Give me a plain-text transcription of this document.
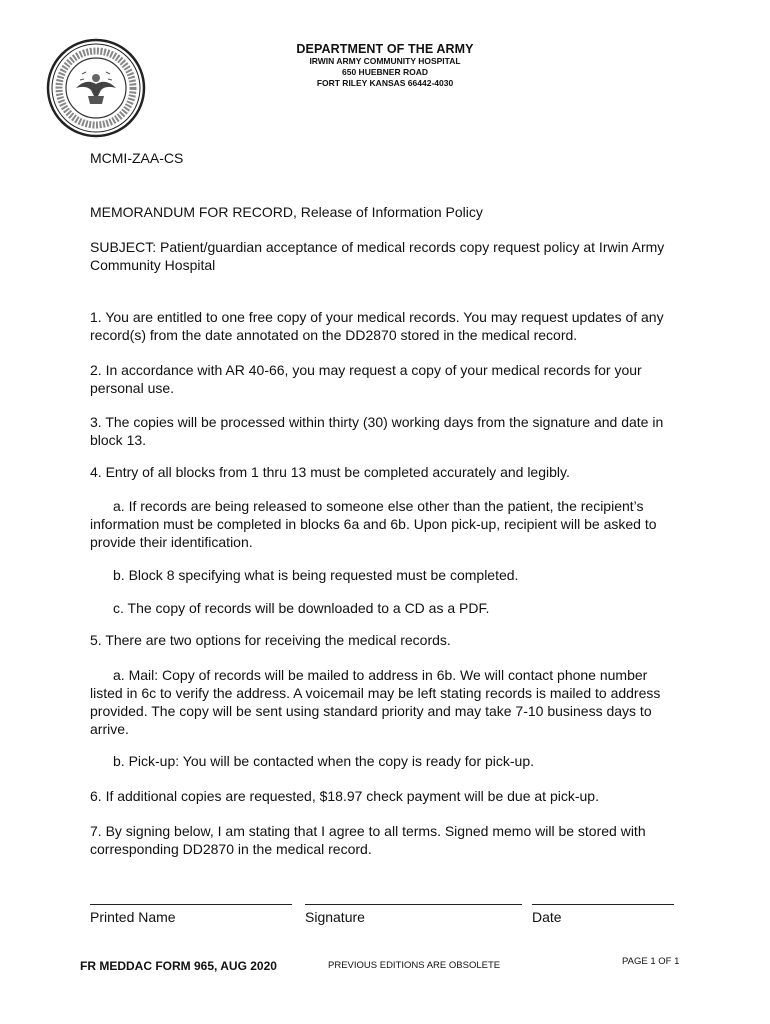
DEPARTMENT OF THE ARMY
IRWIN ARMY COMMUNITY HOSPITAL
650 HUEBNER ROAD
FORT RILEY KANSAS 66442-4030
MCMI-ZAA-CS
MEMORANDUM FOR RECORD, Release of Information Policy
SUBJECT: Patient/guardian acceptance of medical records copy request policy at Irwin Army Community Hospital
1. You are entitled to one free copy of your medical records. You may request updates of any record(s) from the date annotated on the DD2870 stored in the medical record.
2. In accordance with AR 40-66, you may request a copy of your medical records for your personal use.
3. The copies will be processed within thirty (30) working days from the signature and date in block 13.
4. Entry of all blocks from 1 thru 13 must be completed accurately and legibly.
a. If records are being released to someone else other than the patient, the recipient’s information must be completed in blocks 6a and 6b. Upon pick-up, recipient will be asked to provide their identification.
b. Block 8 specifying what is being requested must be completed.
c. The copy of records will be downloaded to a CD as a PDF.
5. There are two options for receiving the medical records.
a. Mail: Copy of records will be mailed to address in 6b. We will contact phone number listed in 6c to verify the address. A voicemail may be left stating records is mailed to address provided. The copy will be sent using standard priority and may take 7-10 business days to arrive.
b. Pick-up: You will be contacted when the copy is ready for pick-up.
6. If additional copies are requested, $18.97 check payment will be due at pick-up.
7. By signing below, I am stating that I agree to all terms. Signed memo will be stored with corresponding DD2870 in the medical record.
Printed Name	Signature	Date
FR MEDDAC FORM 965, AUG 2020	PREVIOUS EDITIONS ARE OBSOLETE	PAGE 1 OF 1
